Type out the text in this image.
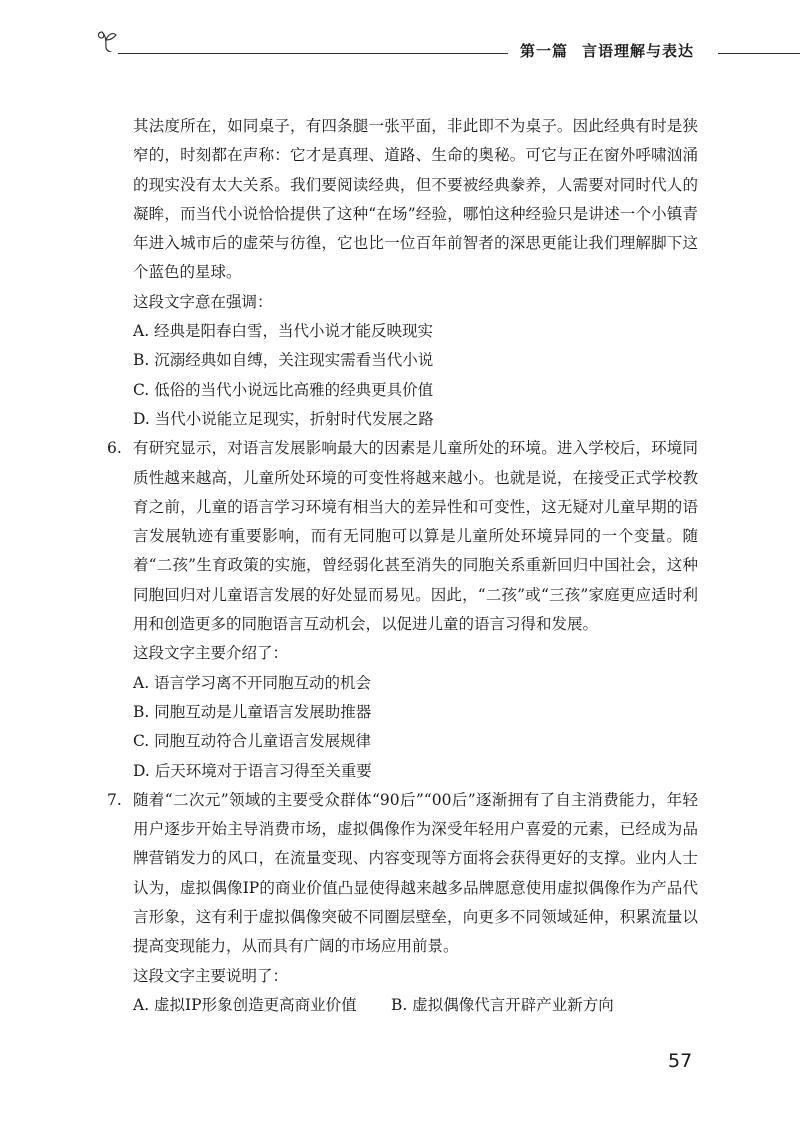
第一篇 言语理解与表达

其法度所在，如同桌子，有四条腿一张平面，非此即不为桌子。因此经典有时是狭窄的，时刻都在声称：它才是真理、道路、生命的奥秘。可它与正在窗外呼啸汹涌的现实没有太大关系。我们要阅读经典，但不要被经典豢养，人需要对同时代人的凝眸，而当代小说恰恰提供了这种“在场”经验，哪怕这种经验只是讲述一个小镇青年进入城市后的虚荣与彷徨，它也比一位百年前智者的深思更能让我们理解脚下这个蓝色的星球。

这段文字意在强调：

A. 经典是阳春白雪，当代小说才能反映现实

B. 沉溺经典如自缚，关注现实需看当代小说

C. 低俗的当代小说远比高雅的经典更具价值

D. 当代小说能立足现实，折射时代发展之路

6. 有研究显示，对语言发展影响最大的因素是儿童所处的环境。进入学校后，环境同质性越来越高，儿童所处环境的可变性将越来越小。也就是说，在接受正式学校教育之前，儿童的语言学习环境有相当大的差异性和可变性，这无疑对儿童早期的语言发展轨迹有重要影响，而有无同胞可以算是儿童所处环境异同的一个变量。随着“二孩”生育政策的实施，曾经弱化甚至消失的同胞关系重新回归中国社会，这种同胞回归对儿童语言发展的好处显而易见。因此，“二孩”或“三孩”家庭更应适时利用和创造更多的同胞语言互动机会，以促进儿童的语言习得和发展。

这段文字主要介绍了：

A. 语言学习离不开同胞互动的机会

B. 同胞互动是儿童语言发展助推器

C. 同胞互动符合儿童语言发展规律

D. 后天环境对于语言习得至关重要

7. 随着“二次元”领域的主要受众群体“90后”“00后”逐渐拥有了自主消费能力，年轻用户逐步开始主导消费市场，虚拟偶像作为深受年轻用户喜爱的元素，已经成为品牌营销发力的风口，在流量变现、内容变现等方面将会获得更好的支撑。业内人士认为，虚拟偶像IP的商业价值凸显使得越来越多品牌愿意使用虚拟偶像作为产品代言形象，这有利于虚拟偶像突破不同圈层壁垒，向更多不同领域延伸，积累流量以提高变现能力，从而具有广阔的市场应用前景。

这段文字主要说明了：

A. 虚拟IP形象创造更高商业价值	B. 虚拟偶像代言开辟产业新方向
57
